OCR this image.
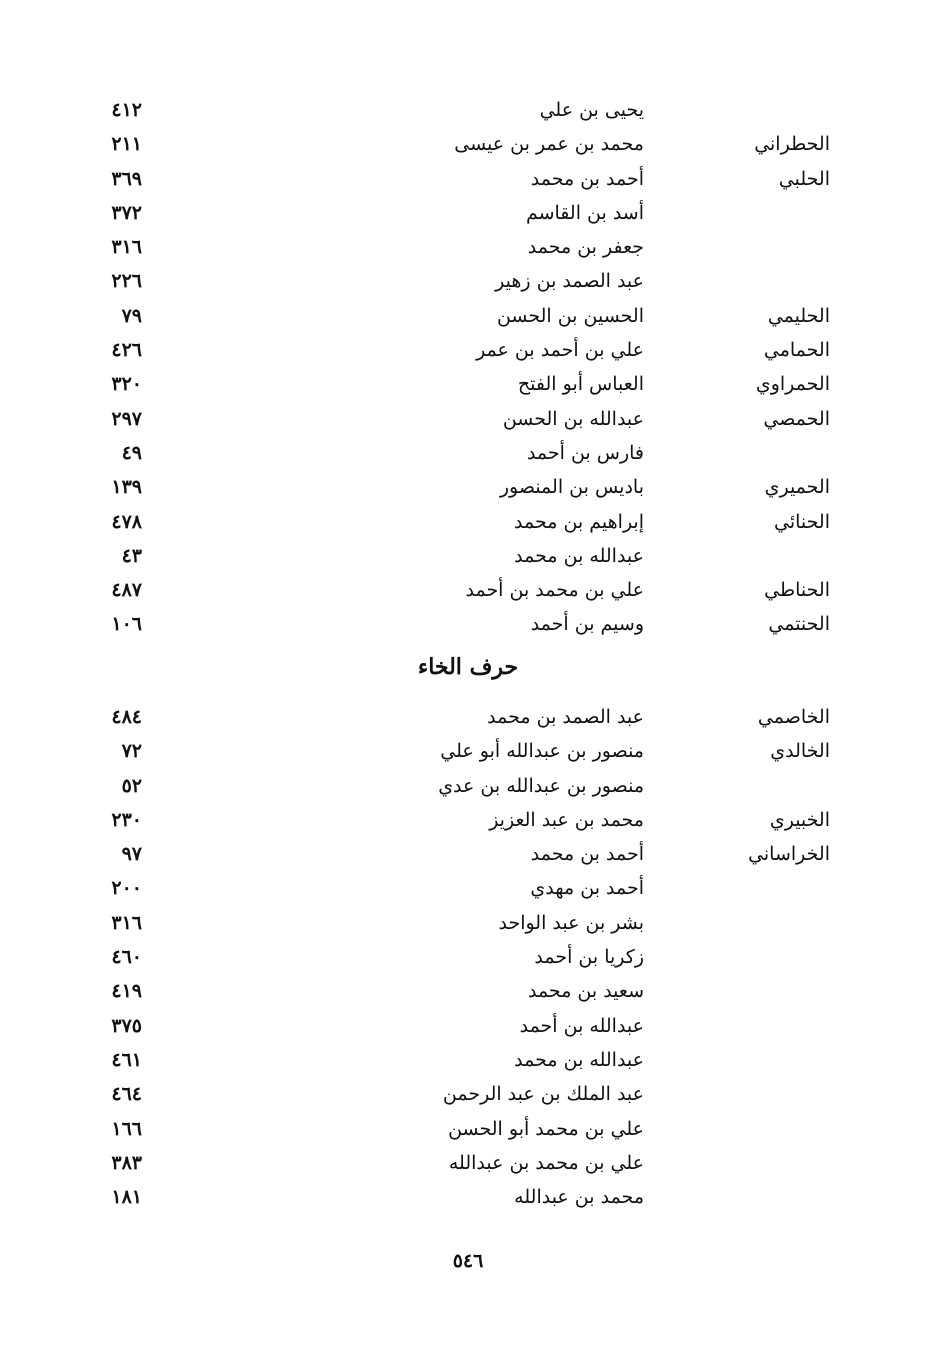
يحيى بن علي
٤١٢
الحطراني
محمد بن عمر بن عيسى
٢١١
الحلبي
أحمد بن محمد
٣٦٩
أسد بن القاسم
٣٧٢
جعفر بن محمد
٣١٦
عبد الصمد بن زهير
٢٢٦
الحليمي
الحسين بن الحسن
٧٩
الحمامي
علي بن أحمد بن عمر
٤٢٦
الحمراوي
العباس أبو الفتح
٣٢٠
الحمصي
عبدالله بن الحسن
٢٩٧
فارس بن أحمد
٤٩
الحميري
باديس بن المنصور
١٣٩
الحنائي
إبراهيم بن محمد
٤٧٨
عبدالله بن محمد
٤٣
الحناطي
علي بن محمد بن أحمد
٤٨٧
الحنتمي
وسيم بن أحمد
١٠٦
حرف الخاء
الخاصمي
عبد الصمد بن محمد
٤٨٤
الخالدي
منصور بن عبدالله أبو علي
٧٢
منصور بن عبدالله بن عدي
٥٢
الخبيري
محمد بن عبد العزيز
٢٣٠
الخراساني
أحمد بن محمد
٩٧
أحمد بن مهدي
٢٠٠
بشر بن عبد الواحد
٣١٦
زكريا بن أحمد
٤٦٠
سعيد بن محمد
٤١٩
عبدالله بن أحمد
٣٧٥
عبدالله بن محمد
٤٦١
عبد الملك بن عبد الرحمن
٤٦٤
علي بن محمد أبو الحسن
١٦٦
علي بن محمد بن عبدالله
٣٨٣
محمد بن عبدالله
١٨١
٥٤٦
